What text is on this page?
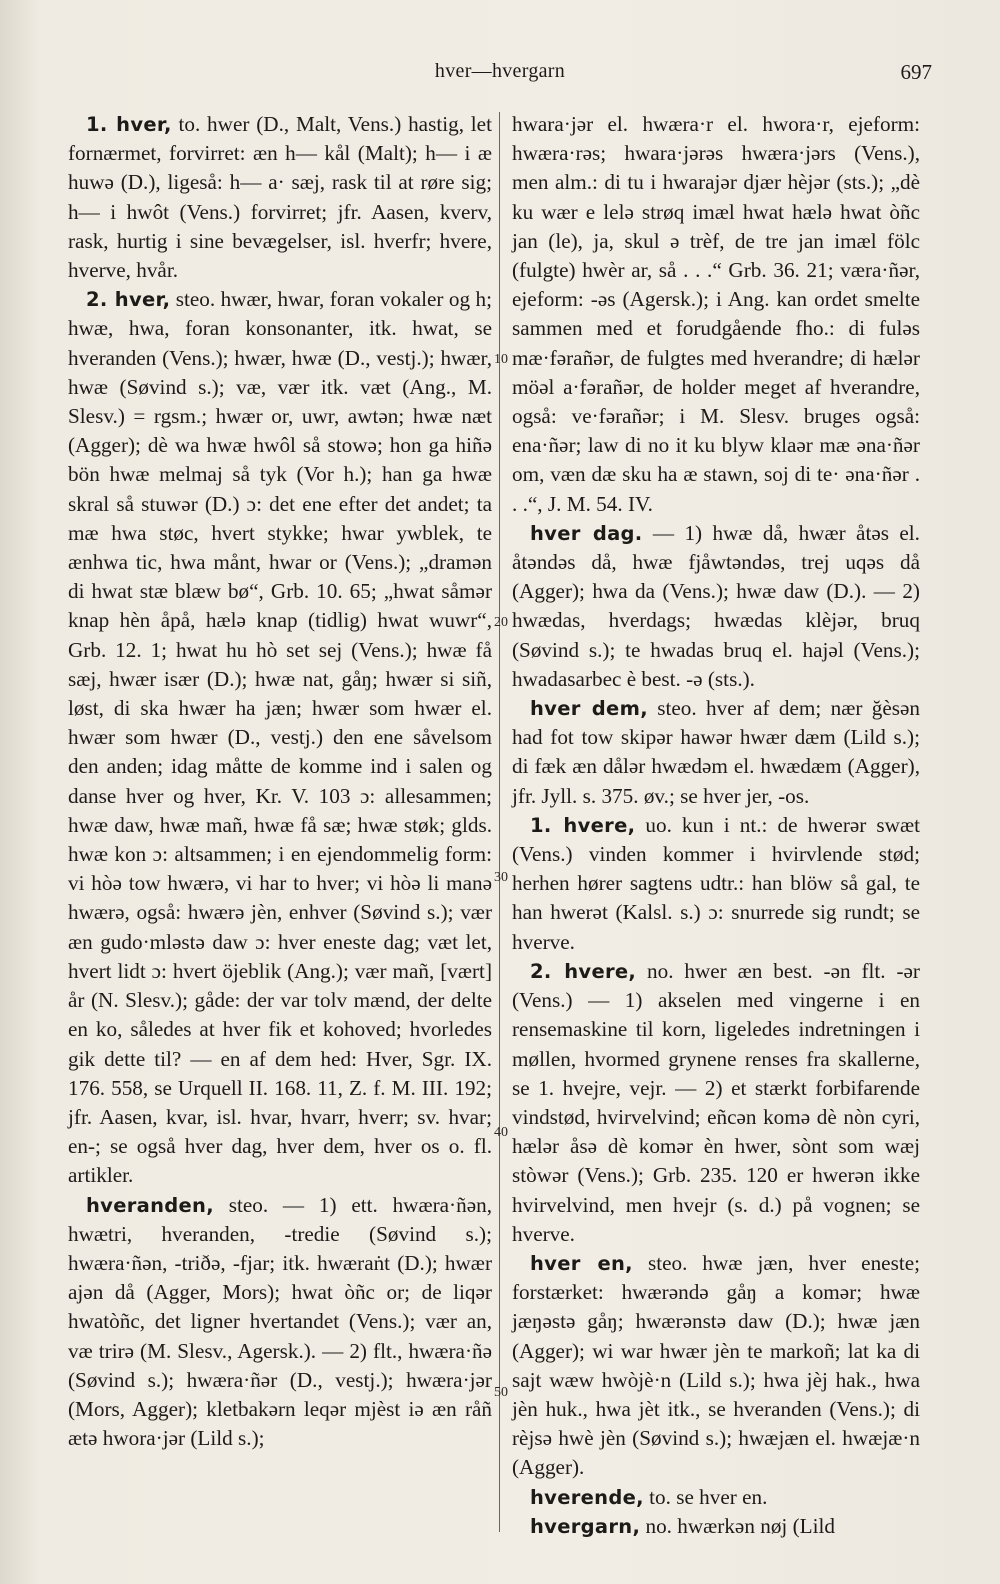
hver—hvergarn	697

1. hver, to. hwer (D., Malt, Vens.) hastig, let fornærmet, forvirret: æn h— kål (Malt); h— i æ huwə (D.), ligeså: h— a· sæj, rask til at røre sig; h— i hwôt (Vens.) forvirret; jfr. Aasen, kverv, rask, hurtig i sine bevægelser, isl. hverfr; hvere, hverve, hvår.

2. hver, steo. hwær, hwar, foran vokaler og h; hwæ, hwa, foran konsonanter, itk. hwat, se hveranden (Vens.); hwær, hwæ (D., vestj.); hwær, hwæ (Søvind s.); væ, vær itk. væt (Ang., M. Slesv.) = rgsm.; hwær or, uwr, awtən; hwæ næt (Agger); dè wa hwæ hwôl så stowə; hon ga hiñə bön hwæ melmaj så tyk (Vor h.); han ga hwæ skral så stuwər (D.) ɔ: det ene efter det andet; ta mæ hwa støc, hvert stykke; hwar ywblek, te ænhwa tic, hwa månt, hwar or (Vens.); „dramən di hwat stæ blæw bø“, Grb. 10. 65; „hwat såmər knap hèn åpå, hælə knap (tidlig) hwat wuwr“, Grb. 12. 1; hwat hu hò set sej (Vens.); hwæ få sæj, hwær især (D.); hwæ nat, gåŋ; hwær si siñ, løst, di ska hwær ha jæn; hwær som hwær el. hwær som hwær (D., vestj.) den ene såvelsom den anden; idag måtte de komme ind i salen og danse hver og hver, Kr. V. 103 ɔ: allesammen; hwæ daw, hwæ mañ, hwæ få sæ; hwæ støk; glds. hwæ kon ɔ: altsammen; i en ejendommelig form: vi hòə tow hwærə, vi har to hver; vi hòə li manə hwærə, også: hwærə jèn, enhver (Søvind s.); vær æn gudo·mləstə daw ɔ: hver eneste dag; væt let, hvert lidt ɔ: hvert öjeblik (Ang.); vær mañ, [vært] år (N. Slesv.); gåde: der var tolv mænd, der delte en ko, således at hver fik et kohoved; hvorledes gik dette til? — en af dem hed: Hver, Sgr. IX. 176. 558, se Urquell II. 168. 11, Z. f. M. III. 192; jfr. Aasen, kvar, isl. hvar, hvarr, hverr; sv. hvar; en-; se også hver dag, hver dem, hver os o. fl. artikler.

hveranden, steo. — 1) ett. hwæra·ñən, hwætri, hveranden, -tredie (Søvind s.); hwæra·ñən, -triðə, -fjar; itk. hwæraṅt (D.); hwær ajən då (Agger, Mors); hwat òñc or; de liqər hwatòñc, det ligner hvertandet (Vens.); vær an, væ trirə (M. Slesv., Agersk.). — 2) flt., hwæra·ñə (Søvind s.); hwæra·ñər (D., vestj.); hwæra·jər (Mors, Agger); kletbakərn leqər mjèst iə æn råñ ætə hwora·jər (Lild s.);

10
20
30
40
50

hwara·jər el. hwæra·r el. hwora·r, ejeform: hwæra·rəs; hwara·jərəs hwæra·jərs (Vens.), men alm.: di tu i hwarajər djær hèjər (sts.); „dè ku wær e lelə strøq imæl hwat hælə hwat òñc jan (le), ja, skul ə trèf, de tre jan imæl fölc (fulgte) hwèr ar, så . . .“ Grb. 36. 21; væra·ñər, ejeform: -əs (Agersk.); i Ang. kan ordet smelte sammen med et forudgående fho.: di fuləs mæ·fərañər, de fulgtes med hverandre; di hælər möəl a·fərañər, de holder meget af hverandre, også: ve·fərañər; i M. Slesv. bruges også: ena·ñər; law di no it ku blyw klaər mæ əna·ñər om, væn dæ sku ha æ stawn, soj di te· əna·ñər . . .“, J. M. 54. IV.

hver dag. — 1) hwæ då, hwær åtəs el. åtəndəs då, hwæ fjåwtəndəs, trej uqəs då (Agger); hwa da (Vens.); hwæ daw (D.). — 2) hwædas, hverdags; hwædas klèjər, bruq (Søvind s.); te hwadas bruq el. hajəl (Vens.); hwadasarbec è best. -ə (sts.).

hver dem, steo. hver af dem; nær ğèsən had fot tow skipər hawər hwær dæm (Lild s.); di fæk æn dålər hwædəm el. hwædæm (Agger), jfr. Jyll. s. 375. øv.; se hver jer, -os.

1. hvere, uo. kun i nt.: de hwerər swæt (Vens.) vinden kommer i hvirvlende stød; herhen hører sagtens udtr.: han blöw så gal, te han hwerət (Kalsl. s.) ɔ: snurrede sig rundt; se hverve.

2. hvere, no. hwer æn best. -ən flt. -ər (Vens.) — 1) akselen med vingerne i en rensemaskine til korn, ligeledes indretningen i møllen, hvormed grynene renses fra skallerne, se 1. hvejre, vejr. — 2) et stærkt forbifarende vindstød, hvirvelvind; eñcən komə dè nòn cyri, hælər åsə dè komər èn hwer, sònt som wæj stòwər (Vens.); Grb. 235. 120 er hwerən ikke hvirvelvind, men hvejr (s. d.) på vognen; se hverve.

hver en, steo. hwæ jæn, hver eneste; forstærket: hwærəndə gåŋ a komər; hwæ jæŋəstə gåŋ; hwærənstə daw (D.); hwæ jæn (Agger); wi war hwær jèn te markoñ; lat ka di sajt wæw hwòjè·n (Lild s.); hwa jèj hak., hwa jèn huk., hwa jèt itk., se hveranden (Vens.); di rèjsə hwè jèn (Søvind s.); hwæjæn el. hwæjæ·n (Agger).

hverende, to. se hver en.

hvergarn, no. hwærkən nøj (Lild
